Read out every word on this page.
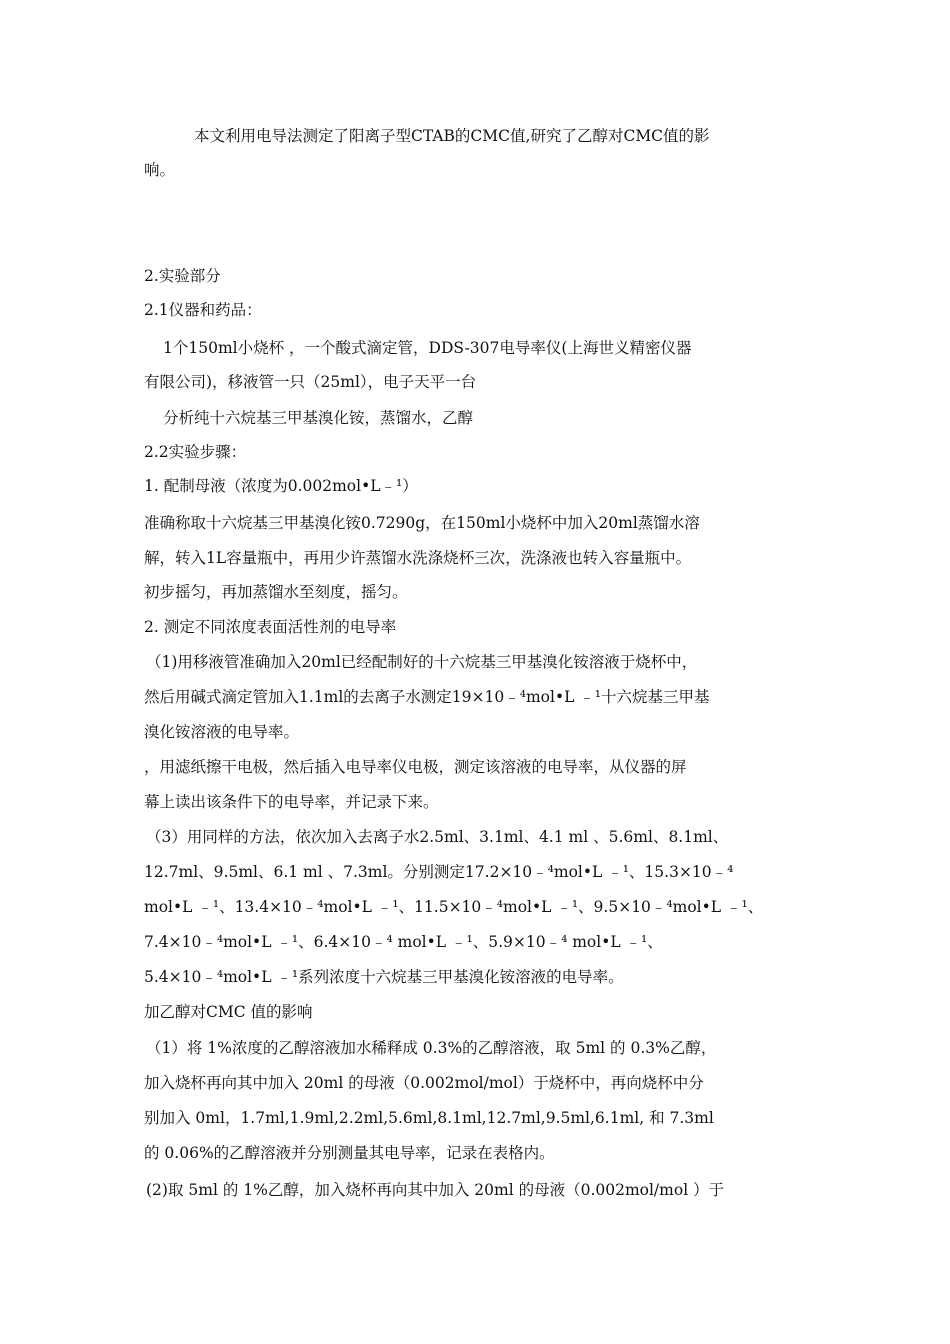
本文利用电导法测定了阳离子型CTAB的CMC值,研究了乙醇对CMC值的影
响。
2.实验部分
2.1仪器和药品：
1个150ml小烧杯 ，一个酸式滴定管，DDS-307电导率仪(上海世义精密仪器
有限公司)，移液管一只（25ml），电子天平一台
分析纯十六烷基三甲基溴化铵，蒸馏水，乙醇
2.2实验步骤：
1. 配制母液（浓度为0.002mol•L﹣¹）
准确称取十六烷基三甲基溴化铵0.7290g，在150ml小烧杯中加入20ml蒸馏水溶
解，转入1L容量瓶中，再用少许蒸馏水洗涤烧杯三次，洗涤液也转入容量瓶中。
初步摇匀，再加蒸馏水至刻度，摇匀。
2. 测定不同浓度表面活性剂的电导率
（1)用移液管准确加入20ml已经配制好的十六烷基三甲基溴化铵溶液于烧杯中，
然后用碱式滴定管加入1.1ml的去离子水测定19×10﹣⁴mol•L ﹣¹十六烷基三甲基
溴化铵溶液的电导率。
，用滤纸擦干电极，然后插入电导率仪电极，测定该溶液的电导率，从仪器的屏
幕上读出该条件下的电导率，并记录下来。
（3）用同样的方法，依次加入去离子水2.5ml、3.1ml、4.1 ml 、5.6ml、8.1ml、
12.7ml、9.5ml、6.1 ml 、7.3ml。分别测定17.2×10﹣⁴mol•L ﹣¹、15.3×10﹣⁴
mol•L ﹣¹、13.4×10﹣⁴mol•L ﹣¹、11.5×10﹣⁴mol•L ﹣¹、9.5×10﹣⁴mol•L ﹣¹、
7.4×10﹣⁴mol•L ﹣¹、6.4×10﹣⁴ mol•L ﹣¹、5.9×10﹣⁴ mol•L ﹣¹、
5.4×10﹣⁴mol•L ﹣¹系列浓度十六烷基三甲基溴化铵溶液的电导率。
加乙醇对CMC 值的影响
（1）将 1%浓度的乙醇溶液加水稀释成 0.3%的乙醇溶液，取 5ml 的 0.3%乙醇，
加入烧杯再向其中加入 20ml 的母液（0.002mol/mol）于烧杯中，再向烧杯中分
别加入 0ml，1.7ml,1.9ml,2.2ml,5.6ml,8.1ml,12.7ml,9.5ml,6.1ml, 和 7.3ml
的 0.06%的乙醇溶液并分别测量其电导率，记录在表格内。
(2)取 5ml 的 1%乙醇，加入烧杯再向其中加入 20ml 的母液（0.002mol/mol ）于
